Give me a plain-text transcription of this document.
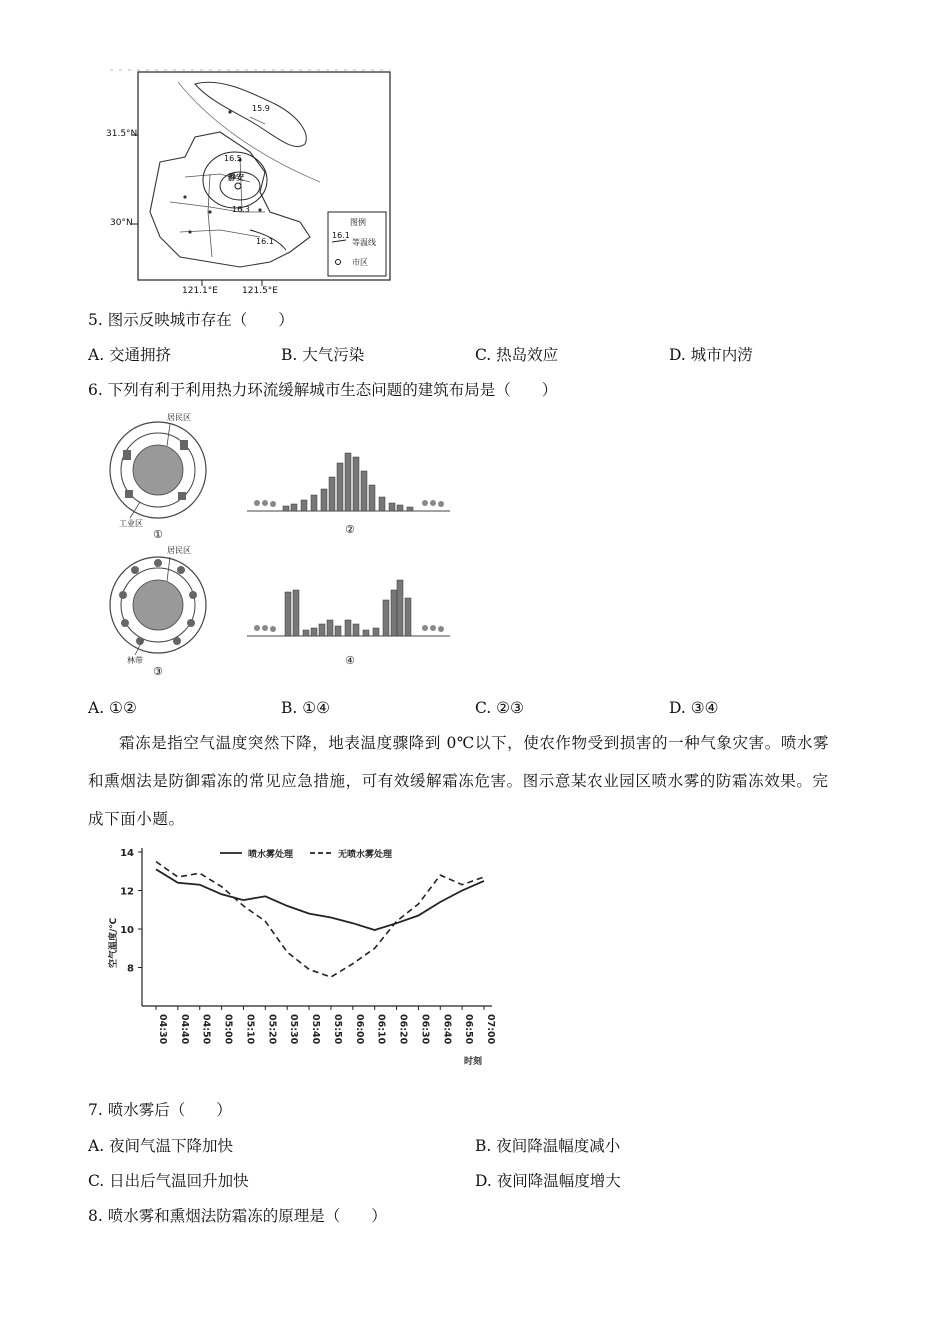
31.5°N
30°N
121.1°E	121.5°E
15.9
16.5
16.3
16.1
静安
图例
16.1
等温线
市区
5. 图示反映城市存在（　　）
A. 交通拥挤	B. 大气污染	C. 热岛效应	D. 城市内涝
6. 下列有利于利用热力环流缓解城市生态问题的建筑布局是（　　）
居民区
工业区
①	②
居民区
林带
③
④
A. ①②	B. ①④	C. ②③	D. ③④
霜冻是指空气温度突然下降，地表温度骤降到 0℃以下，使农作物受到损害的一种气象灾害。喷水雾
和熏烟法是防御霜冻的常见应急措施，可有效缓解霜冻危害。图示意某农业园区喷水雾的防霜冻效果。完
成下面小题。
8
10
12
14
空气温度/℃
04:30 04:40 04:50 05:00 05:10 05:20 05:30 05:40 05:50 06:00 06:10 06:20 06:30 06:40 06:50 07:00
时刻
喷水雾处理	无喷水雾处理
7. 喷水雾后（　　）
A. 夜间气温下降加快	B. 夜间降温幅度减小
C. 日出后气温回升加快	D. 夜间降温幅度增大
8. 喷水雾和熏烟法防霜冻的原理是（　　）
